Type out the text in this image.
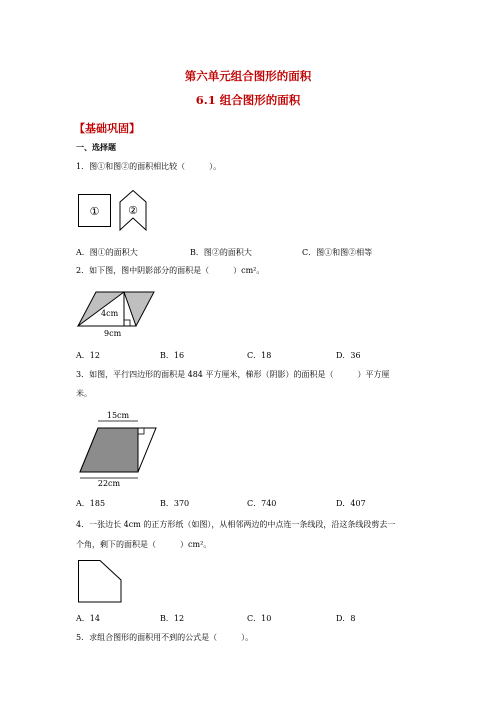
第六单元组合图形的面积
6.1 组合图形的面积
【基础巩固】
一、选择题
1．图①和图②的面积相比较（　　　）。
①	②
A．图①的面积大	B．图②的面积大	C．图①和图②相等
2．如下图，图中阴影部分的面积是（　　　）cm²。
4cm
9cm
A．12	B．16	C．18	D．36
3．如图，平行四边形的面积是 484 平方厘米，梯形（阴影）的面积是（　　　）平方厘
米。
15cm
22cm
A．185	B．370	C．740	D．407
4．一张边长 4cm 的正方形纸（如图），从相邻两边的中点连一条线段，沿这条线段剪去一
个角，剩下的面积是（　　　）cm²。
A．14	B．12	C．10	D．8
5．求组合图形的面积用不到的公式是（　　　）。
